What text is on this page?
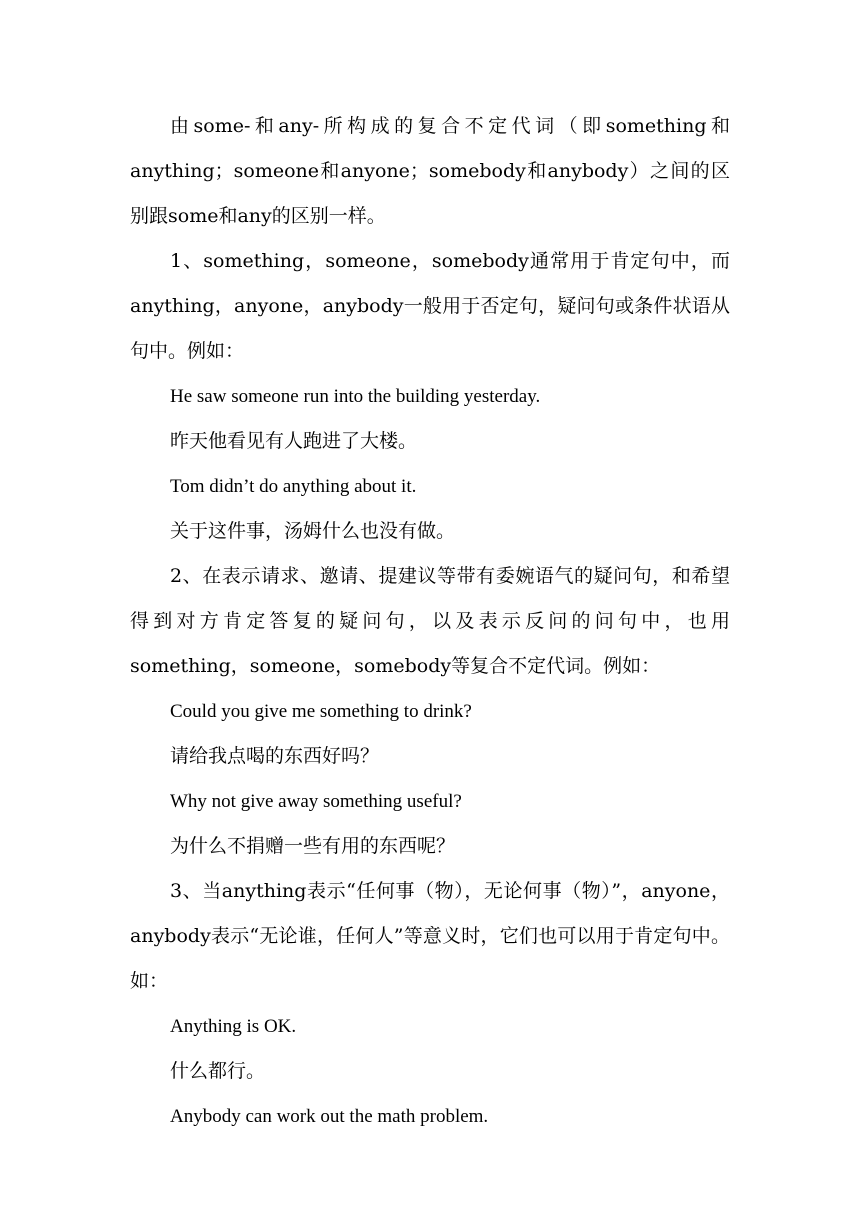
由some-和any-所构成的复合不定代词（即something和anything；someone和anyone；somebody和anybody）之间的区别跟some和any的区别一样。

1、something，someone，somebody通常用于肯定句中，而anything，anyone，anybody一般用于否定句，疑问句或条件状语从句中。例如：

He saw someone run into the building yesterday.

昨天他看见有人跑进了大楼。

Tom didn’t do anything about it.

关于这件事，汤姆什么也没有做。

2、在表示请求、邀请、提建议等带有委婉语气的疑问句，和希望得到对方肯定答复的疑问句，以及表示反问的问句中，也用something，someone，somebody等复合不定代词。例如：

Could you give me something to drink?

请给我点喝的东西好吗？

Why not give away something useful?

为什么不捐赠一些有用的东西呢？

3、当anything表示“任何事（物），无论何事（物）”，anyone，anybody表示“无论谁，任何人”等意义时，它们也可以用于肯定句中。如：

Anything is OK.

什么都行。

Anybody can work out the math problem.
